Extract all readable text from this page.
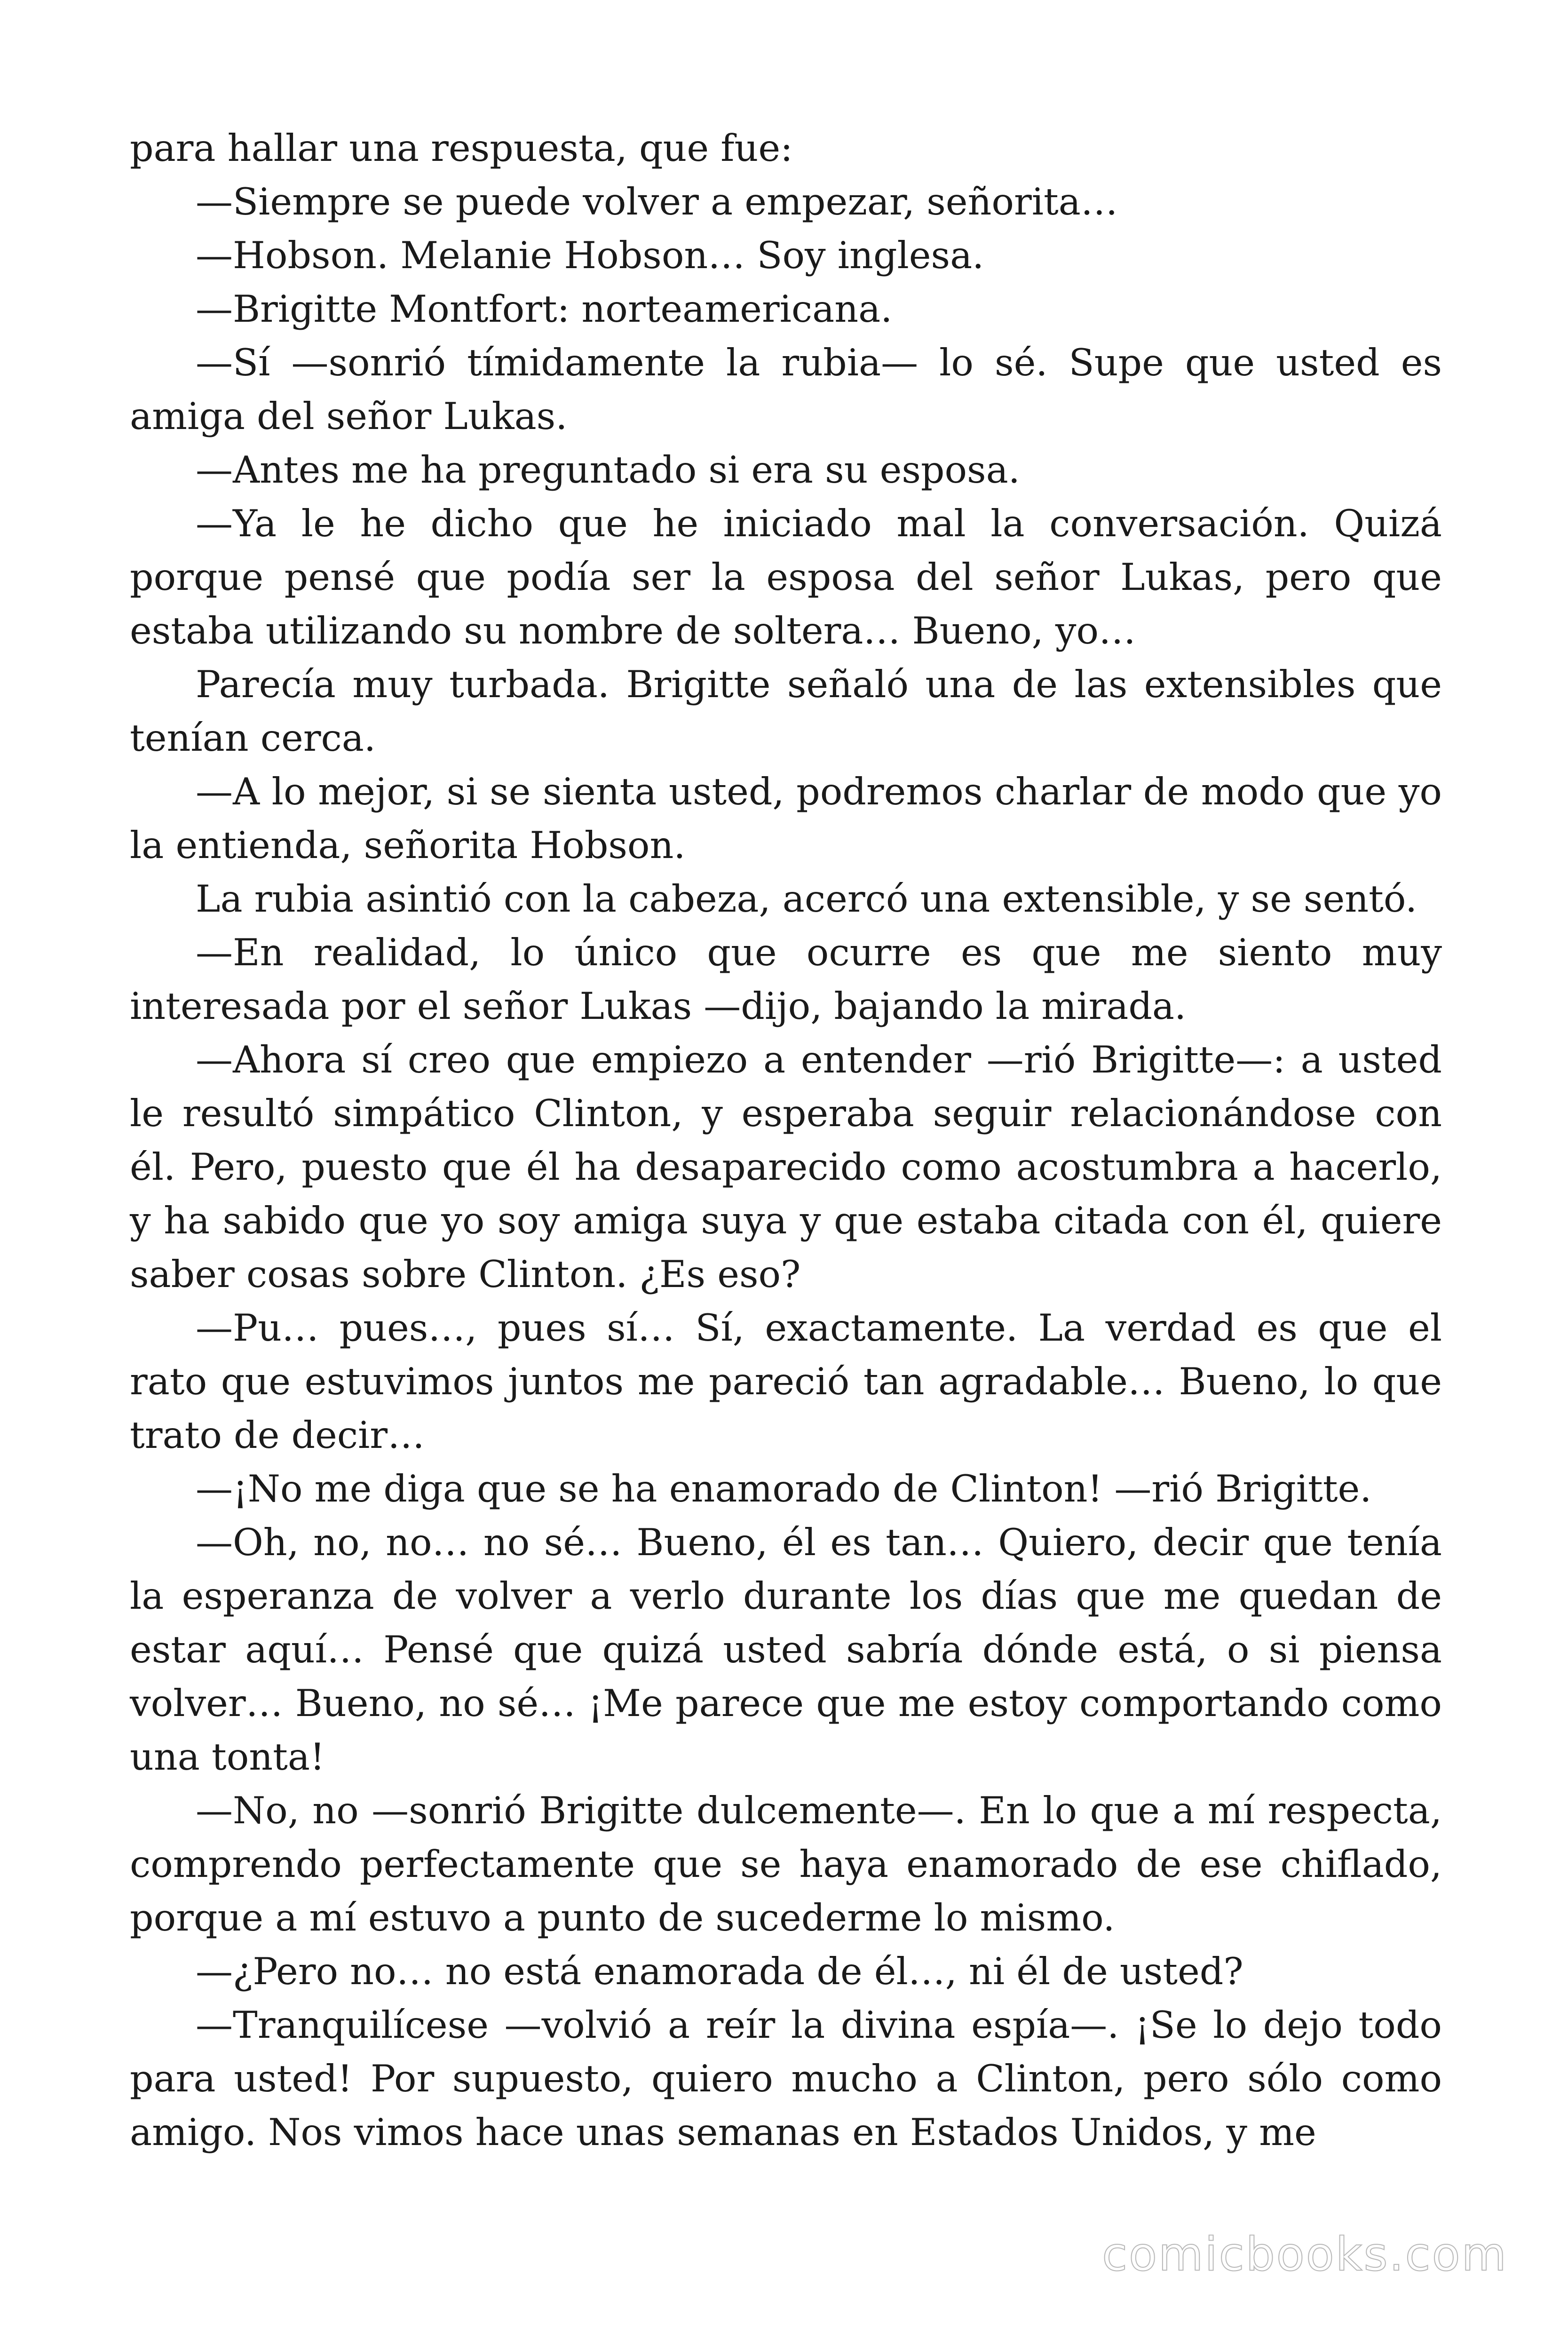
para hallar una respuesta, que fue:

—Siempre se puede volver a empezar, señorita…

—Hobson. Melanie Hobson… Soy inglesa.

—Brigitte Montfort: norteamericana.

—Sí —sonrió tímidamente la rubia— lo sé. Supe que usted es amiga del señor Lukas.

—Antes me ha preguntado si era su esposa.

—Ya le he dicho que he iniciado mal la conversación. Quizá porque pensé que podía ser la esposa del señor Lukas, pero que estaba utilizando su nombre de soltera… Bueno, yo…

Parecía muy turbada. Brigitte señaló una de las extensibles que tenían cerca.

—A lo mejor, si se sienta usted, podremos charlar de modo que yo la entienda, señorita Hobson.

La rubia asintió con la cabeza, acercó una extensible, y se sentó.

—En realidad, lo único que ocurre es que me siento muy interesada por el señor Lukas —dijo, bajando la mirada.

—Ahora sí creo que empiezo a entender —rió Brigitte—: a usted le resultó simpático Clinton, y esperaba seguir relacionándose con él. Pero, puesto que él ha desaparecido como acostumbra a hacerlo, y ha sabido que yo soy amiga suya y que estaba citada con él, quiere saber cosas sobre Clinton. ¿Es eso?

—Pu… pues…, pues sí… Sí, exactamente. La verdad es que el rato que estuvimos juntos me pareció tan agradable… Bueno, lo que trato de decir…

—¡No me diga que se ha enamorado de Clinton! —rió Brigitte.

—Oh, no, no… no sé… Bueno, él es tan… Quiero, decir que tenía la esperanza de volver a verlo durante los días que me quedan de estar aquí… Pensé que quizá usted sabría dónde está, o si piensa volver… Bueno, no sé… ¡Me parece que me estoy comportando como una tonta!

—No, no —sonrió Brigitte dulcemente—. En lo que a mí respecta, comprendo perfectamente que se haya enamorado de ese chiflado, porque a mí estuvo a punto de sucederme lo mismo.

—¿Pero no… no está enamorada de él…, ni él de usted?

—Tranquilícese —volvió a reír la divina espía—. ¡Se lo dejo todo para usted! Por supuesto, quiero mucho a Clinton, pero sólo como amigo. Nos vimos hace unas semanas en Estados Unidos, y me

comicbooks.com
